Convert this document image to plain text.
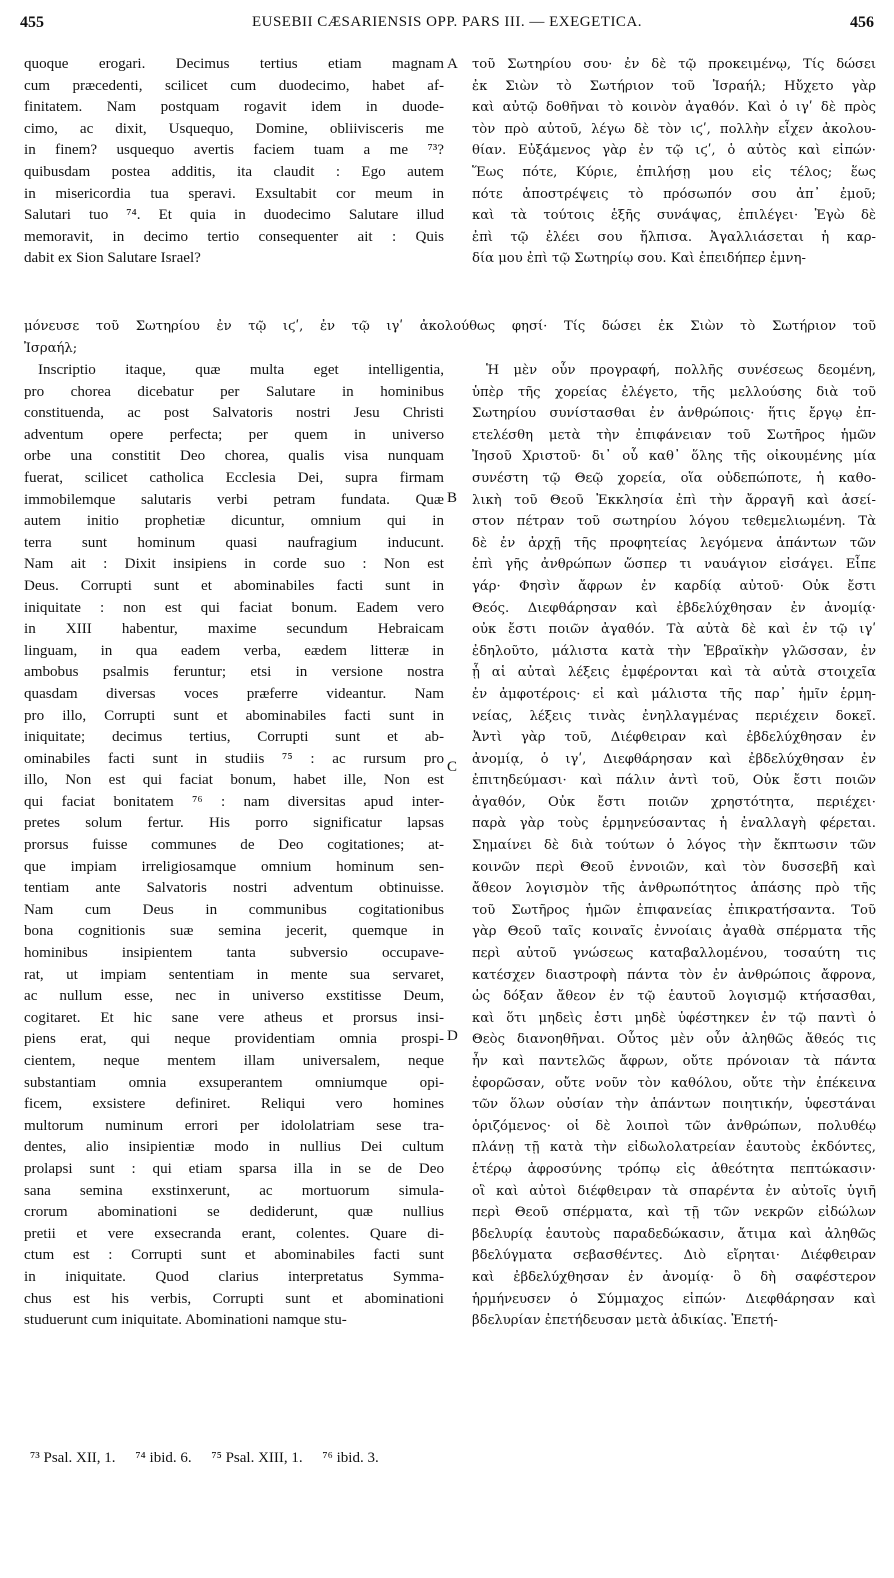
455	EUSEBII CÆSARIENSIS OPP. PARS III. — EXEGETICA.	456
A
B
C
D
quoque erogari. Decimus tertius etiam magnam
cum præcedenti, scilicet cum duodecimo, habet af-
finitatem. Nam postquam rogavit idem in duode-
cimo, ac dixit, Usquequo, Domine, obliivisceris me
in finem? usquequo avertis faciem tuam a me ⁷³?
quibusdam postea additis, ita claudit : Ego autem
in misericordia tua speravi. Exsultabit cor meum in
Salutari tuo ⁷⁴. Et quia in duodecimo Salutare illud
memoravit, in decimo tertio consequenter ait : Quis
dabit ex Sion Salutare Israel?
τοῦ Σωτηρίου σου· ἐν δὲ τῷ προκειμένῳ, Τίς δώσει
ἐκ Σιὼν τὸ Σωτήριον τοῦ Ἰσραήλ; Ηὔχετο γὰρ
καὶ αὐτῷ δοθῆναι τὸ κοινὸν ἀγαθόν. Καὶ ὁ ιγʹ δὲ πρὸς
τὸν πρὸ αὐτοῦ, λέγω δὲ τὸν ιϛʹ, πολλὴν εἶχεν ἀκολου-
θίαν. Εὐξάμενος γὰρ ἐν τῷ ιϛʹ, ὁ αὐτὸς καὶ εἰπών·
Ἕως πότε, Κύριε, ἐπιλήσῃ μου εἰς τέλος; ἕως
πότε ἀποστρέψεις τὸ πρόσωπόν σου ἀπ᾽ ἐμοῦ;
καὶ τὰ τούτοις ἑξῆς συνάψας, ἐπιλέγει· Ἐγὼ δὲ
ἐπὶ τῷ ἐλέει σου ἤλπισα. Ἀγαλλιάσεται ἡ καρ-
δία μου ἐπὶ τῷ Σωτηρίῳ σου. Καὶ ἐπειδήπερ ἐμνη-
μόνευσε τοῦ Σωτηρίου ἐν τῷ ιϛʹ, ἐν τῷ ιγʹ ἀκολούθως φησί· Τίς δώσει ἐκ Σιὼν τὸ Σωτήριον τοῦ
Ἰσραήλ;
Inscriptio itaque, quæ multa eget intelligentia,
pro chorea dicebatur per Salutare in hominibus
constituenda, ac post Salvatoris nostri Jesu Christi
adventum opere perfecta; per quem in universo
orbe una constitit Deo chorea, qualis visa nunquam
fuerat, scilicet catholica Ecclesia Dei, supra firmam
immobilemque salutaris verbi petram fundata. Quæ
autem initio prophetiæ dicuntur, omnium qui in
terra sunt hominum quasi naufragium inducunt.
Nam ait : Dixit insipiens in corde suo : Non est
Deus. Corrupti sunt et abominabiles facti sunt in
iniquitate : non est qui faciat bonum. Eadem vero
in XIII habentur, maxime secundum Hebraicam
linguam, in qua eadem verba, eædem litteræ in
ambobus psalmis feruntur; etsi in versione nostra
quasdam diversas voces præferre videantur. Nam
pro illo, Corrupti sunt et abominabiles facti sunt in
iniquitate; decimus tertius, Corrupti sunt et ab-
ominabiles facti sunt in studiis ⁷⁵ : ac rursum pro
illo, Non est qui faciat bonum, habet ille, Non est
qui faciat bonitatem ⁷⁶ : nam diversitas apud inter-
pretes solum fertur. His porro significatur lapsas
prorsus fuisse communes de Deo cogitationes; at-
que impiam irreligiosamque omnium hominum sen-
tentiam ante Salvatoris nostri adventum obtinuisse.
Nam cum Deus in communibus cogitationibus
bona cognitionis suæ semina jecerit, quemque in
hominibus insipientem tanta subversio occupave-
rat, ut impiam sententiam in mente sua servaret,
ac nullum esse, nec in universo exstitisse Deum,
cogitaret. Et hic sane vere atheus et prorsus insi-
piens erat, qui neque providentiam omnia prospi-
cientem, neque mentem illam universalem, neque
substantiam omnia exsuperantem omniumque opi-
ficem, exsistere definiret. Reliqui vero homines
multorum numinum errori per idololatriam sese tra-
dentes, alio insipientiæ modo in nullius Dei cultum
prolapsi sunt : qui etiam sparsa illa in se de Deo
sana semina exstinxerunt, ac mortuorum simula-
crorum abominationi se dediderunt, quæ nullius
pretii et vere exsecranda erant, colentes. Quare di-
ctum est : Corrupti sunt et abominabiles facti sunt
in iniquitate. Quod clarius interpretatus Symma-
chus est his verbis, Corrupti sunt et abominationi
studuerunt cum iniquitate. Abominationi namque stu-
Ἡ μὲν οὖν προγραφή, πολλῆς συνέσεως δεομένη,
ὑπὲρ τῆς χορείας ἐλέγετο, τῆς μελλούσης διὰ τοῦ
Σωτηρίου συνίστασθαι ἐν ἀνθρώποις· ἥτις ἔργῳ ἐπ-
ετελέσθη μετὰ τὴν ἐπιφάνειαν τοῦ Σωτῆρος ἡμῶν
Ἰησοῦ Χριστοῦ· δι᾽ οὗ καθ᾽ ὅλης τῆς οἰκουμένης μία
συνέστη τῷ Θεῷ χορεία, οἵα οὐδεπώποτε, ἡ καθο-
λικὴ τοῦ Θεοῦ Ἐκκλησία ἐπὶ τὴν ἄρραγῆ καὶ ἀσεί-
στον πέτραν τοῦ σωτηρίου λόγου τεθεμελιωμένη. Τὰ
δὲ ἐν ἀρχῇ τῆς προφητείας λεγόμενα ἁπάντων τῶν
ἐπὶ γῆς ἀνθρώπων ὥσπερ τι ναυάγιον εἰσάγει. Εἶπε
γάρ· Φησὶν ἄφρων ἐν καρδίᾳ αὐτοῦ· Οὐκ ἔστι
Θεός. Διεφθάρησαν καὶ ἐβδελύχθησαν ἐν ἀνομίᾳ·
οὐκ ἔστι ποιῶν ἀγαθόν. Τὰ αὐτὰ δὲ καὶ ἐν τῷ ιγʹ
ἐδηλοῦτο, μάλιστα κατὰ τὴν Ἑβραϊκὴν γλῶσσαν, ἐν
ᾗ αἱ αὐταὶ λέξεις ἐμφέρονται καὶ τὰ αὐτὰ στοιχεῖα
ἐν ἀμφοτέροις· εἰ καὶ μάλιστα τῆς παρ᾽ ἡμῖν ἑρμη-
νείας, λέξεις τινὰς ἐνηλλαγμένας περιέχειν δοκεῖ.
Ἀντὶ γὰρ τοῦ, Διέφθειραν καὶ ἐβδελύχθησαν ἐν
ἀνομίᾳ, ὁ ιγʹ, Διεφθάρησαν καὶ ἐβδελύχθησαν ἐν
ἐπιτηδεύμασι· καὶ πάλιν ἀντὶ τοῦ, Οὐκ ἔστι ποιῶν
ἀγαθόν, Οὐκ ἔστι ποιῶν χρηστότητα, περιέχει·
παρὰ γὰρ τοὺς ἑρμηνεύσαντας ἡ ἐναλλαγὴ φέρεται.
Σημαίνει δὲ διὰ τούτων ὁ λόγος τὴν ἔκπτωσιν τῶν
κοινῶν περὶ Θεοῦ ἐννοιῶν, καὶ τὸν δυσσεβῆ καὶ
ἄθεον λογισμὸν τῆς ἀνθρωπότητος ἁπάσης πρὸ τῆς
τοῦ Σωτῆρος ἡμῶν ἐπιφανείας ἐπικρατήσαντα. Τοῦ
γὰρ Θεοῦ ταῖς κοιναῖς ἐννοίαις ἀγαθὰ σπέρματα τῆς
περὶ αὐτοῦ γνώσεως καταβαλλομένου, τοσαύτη τις
κατέσχεν διαστροφὴ πάντα τὸν ἐν ἀνθρώποις ἄφρονα,
ὡς δόξαν ἄθεον ἐν τῷ ἑαυτοῦ λογισμῷ κτήσασθαι,
καὶ ὅτι μηδεὶς ἐστι μηδὲ ὑφέστηκεν ἐν τῷ παντὶ ὁ
Θεὸς διανοηθῆναι. Οὗτος μὲν οὖν ἀληθῶς ἄθεός τις
ἦν καὶ παντελῶς ἄφρων, οὔτε πρόνοιαν τὰ πάντα
ἐφορῶσαν, οὔτε νοῦν τὸν καθόλου, οὔτε τὴν ἐπέκεινα
τῶν ὅλων οὐσίαν τὴν ἁπάντων ποιητικήν, ὑφεστάναι
ὁριζόμενος· οἱ δὲ λοιποὶ τῶν ἀνθρώπων, πολυθέῳ
πλάνῃ τῇ κατὰ τὴν εἰδωλολατρείαν ἑαυτοὺς ἐκδόντες,
ἑτέρῳ ἀφροσύνης τρόπῳ εἰς ἀθεότητα πεπτώκασιν·
οἳ καὶ αὐτοὶ διέφθειραν τὰ σπαρέντα ἐν αὐτοῖς ὑγιῆ
περὶ Θεοῦ σπέρματα, καὶ τῇ τῶν νεκρῶν εἰδώλων
βδελυρίᾳ ἑαυτοὺς παραδεδώκασιν, ἄτιμα καὶ ἀληθῶς
βδελύγματα σεβασθέντες. Διὸ εἴρηται· Διέφθειραν
καὶ ἐβδελύχθησαν ἐν ἀνομίᾳ· ὃ δὴ σαφέστερον
ἡρμήνευσεν ὁ Σύμμαχος εἰπών· Διεφθάρησαν καὶ
βδελυρίαν ἐπετήδευσαν μετὰ ἀδικίας. Ἐπετή-
⁷³ Psal. XII, 1. ⁷⁴ ibid. 6. ⁷⁵ Psal. XIII, 1. ⁷⁶ ibid. 3.
